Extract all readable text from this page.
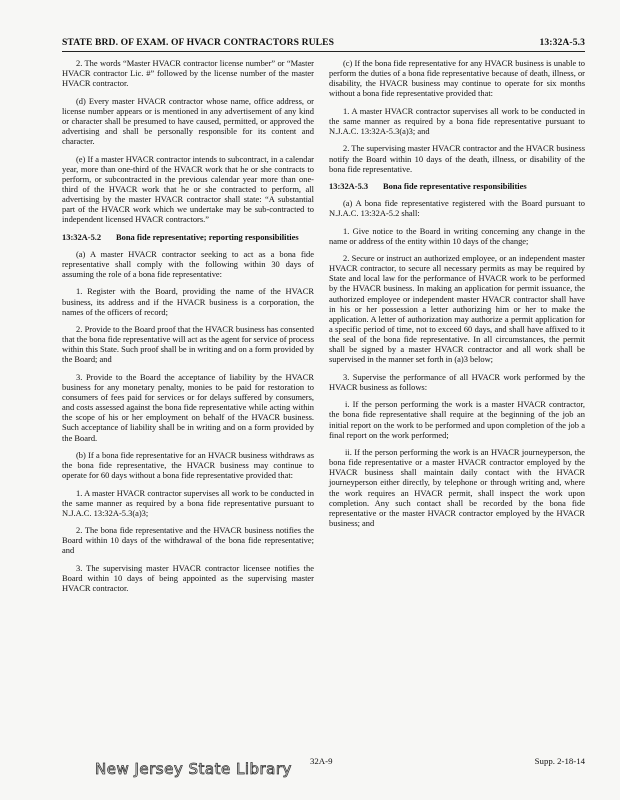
STATE BRD. OF EXAM. OF HVACR CONTRACTORS RULES	13:32A-5.3

2. The words “Master HVACR contractor license number” or “Master HVACR contractor Lic. #” followed by the license number of the master HVACR contractor.

(d) Every master HVACR contractor whose name, office address, or license number appears or is mentioned in any advertisement of any kind or character shall be presumed to have caused, permitted, or approved the advertising and shall be personally responsible for its content and character.

(e) If a master HVACR contractor intends to subcontract, in a calendar year, more than one-third of the HVACR work that he or she contracts to perform, or subcontracted in the previous calendar year more than one-third of the HVACR work that he or she contracted to perform, all advertising by the master HVACR contractor shall state: “A substantial part of the HVACR work which we undertake may be sub-contracted to independent licensed HVACR contractors.”

13:32A-5.2	Bona fide representative; reporting responsibilities

(a) A master HVACR contractor seeking to act as a bona fide representative shall comply with the following within 30 days of assuming the role of a bona fide representative:

1. Register with the Board, providing the name of the HVACR business, its address and if the HVACR business is a corporation, the names of the officers of record;

2. Provide to the Board proof that the HVACR business has consented that the bona fide representative will act as the agent for service of process within this State. Such proof shall be in writing and on a form provided by the Board; and

3. Provide to the Board the acceptance of liability by the HVACR business for any monetary penalty, monies to be paid for restoration to consumers of fees paid for services or for delays suffered by consumers, and costs assessed against the bona fide representative while acting within the scope of his or her employment on behalf of the HVACR business. Such acceptance of liability shall be in writing and on a form provided by the Board.

(b) If a bona fide representative for an HVACR business withdraws as the bona fide representative, the HVACR business may continue to operate for 60 days without a bona fide representative provided that:

1. A master HVACR contractor supervises all work to be conducted in the same manner as required by a bona fide representative pursuant to N.J.A.C. 13:32A-5.3(a)3;

2. The bona fide representative and the HVACR business notifies the Board within 10 days of the withdrawal of the bona fide representative; and

3. The supervising master HVACR contractor licensee notifies the Board within 10 days of being appointed as the supervising master HVACR contractor.

(c) If the bona fide representative for any HVACR business is unable to perform the duties of a bona fide representative because of death, illness, or disability, the HVACR business may continue to operate for six months without a bona fide representative provided that:

1. A master HVACR contractor supervises all work to be conducted in the same manner as required by a bona fide representative pursuant to N.J.A.C. 13:32A-5.3(a)3; and

2. The supervising master HVACR contractor and the HVACR business notify the Board within 10 days of the death, illness, or disability of the bona fide representative.

13:32A-5.3	Bona fide representative responsibilities

(a) A bona fide representative registered with the Board pursuant to N.J.A.C. 13:32A-5.2 shall:

1. Give notice to the Board in writing concerning any change in the name or address of the entity within 10 days of the change;

2. Secure or instruct an authorized employee, or an independent master HVACR contractor, to secure all necessary permits as may be required by State and local law for the performance of HVACR work to be performed by the HVACR business. In making an application for permit issuance, the authorized employee or independent master HVACR contractor shall have in his or her possession a letter authorizing him or her to make the application. A letter of authorization may authorize a permit application for a specific period of time, not to exceed 60 days, and shall have affixed to it the seal of the bona fide representative. In all circumstances, the permit shall be signed by a master HVACR contractor and all work shall be supervised in the manner set forth in (a)3 below;

3. Supervise the performance of all HVACR work performed by the HVACR business as follows:

i. If the person performing the work is a master HVACR contractor, the bona fide representative shall require at the beginning of the job an initial report on the work to be performed and upon completion of the job a final report on the work performed;

ii. If the person performing the work is an HVACR journeyperson, the bona fide representative or a master HVACR contractor employed by the HVACR business shall maintain daily contact with the HVACR journeyperson either directly, by telephone or through writing and, where the work requires an HVACR permit, shall inspect the work upon completion. Any such contact shall be recorded by the bona fide representative or the master HVACR contractor employed by the HVACR business; and

New Jersey State Library 32A-9	Supp. 2-18-14
